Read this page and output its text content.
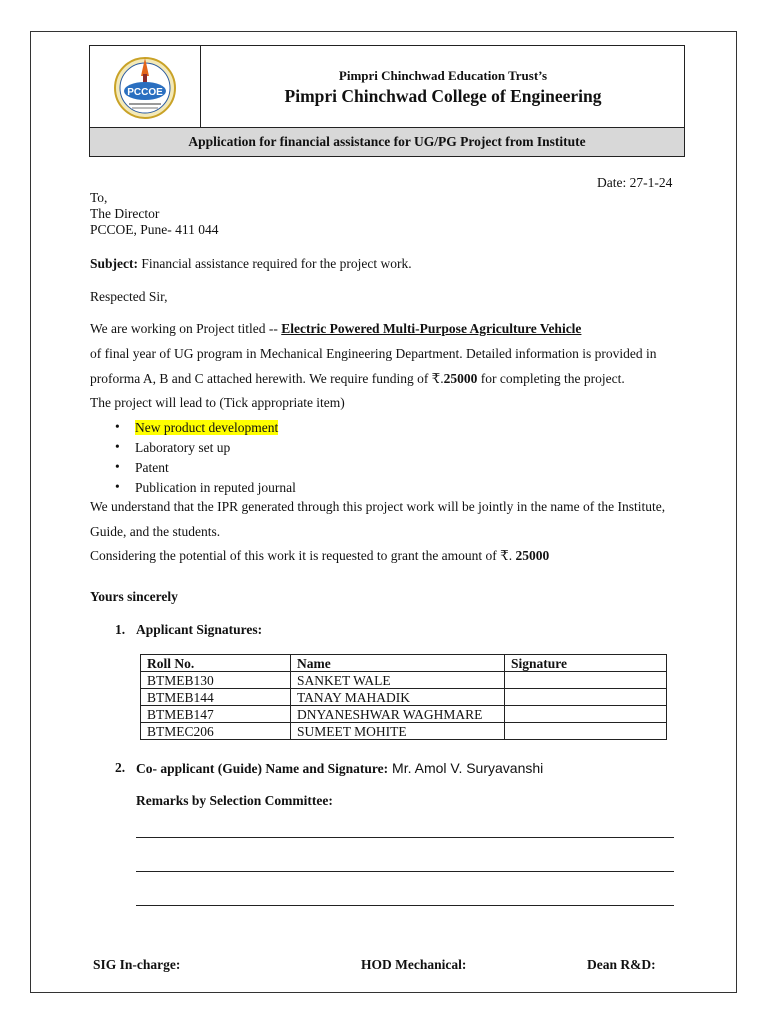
PCCOE
Pimpri Chinchwad Education Trust’s
Pimpri Chinchwad College of Engineering
Application for financial assistance for UG/PG Project from Institute
Date: 27-1-24
To,
The Director
PCCOE, Pune- 411 044
Subject: Financial assistance required for the project work.
Respected Sir,
We are working on Project titled -- Electric Powered Multi-Purpose Agriculture Vehicle
of final year of UG program in Mechanical Engineering Department. Detailed information is provided in
proforma A, B and C attached herewith. We require funding of ₹.25000 for completing the project.
The project will lead to (Tick appropriate item)
• New product development
• Laboratory set up
• Patent
• Publication in reputed journal
We understand that the IPR generated through this project work will be jointly in the name of the Institute,
Guide, and the students.
Considering the potential of this work it is requested to grant the amount of ₹. 25000
Yours sincerely
1. Applicant Signatures:
Roll No.	Name	Signature
BTMEB130	SANKET WALE	
BTMEB144	TANAY MAHADIK	
BTMEB147	DNYANESHWAR WAGHMARE	
BTMEC206	SUMEET MOHITE	
2. Co- applicant (Guide) Name and Signature: Mr. Amol V. Suryavanshi
Remarks by Selection Committee:
SIG In-charge:	HOD Mechanical:	Dean R&D:
